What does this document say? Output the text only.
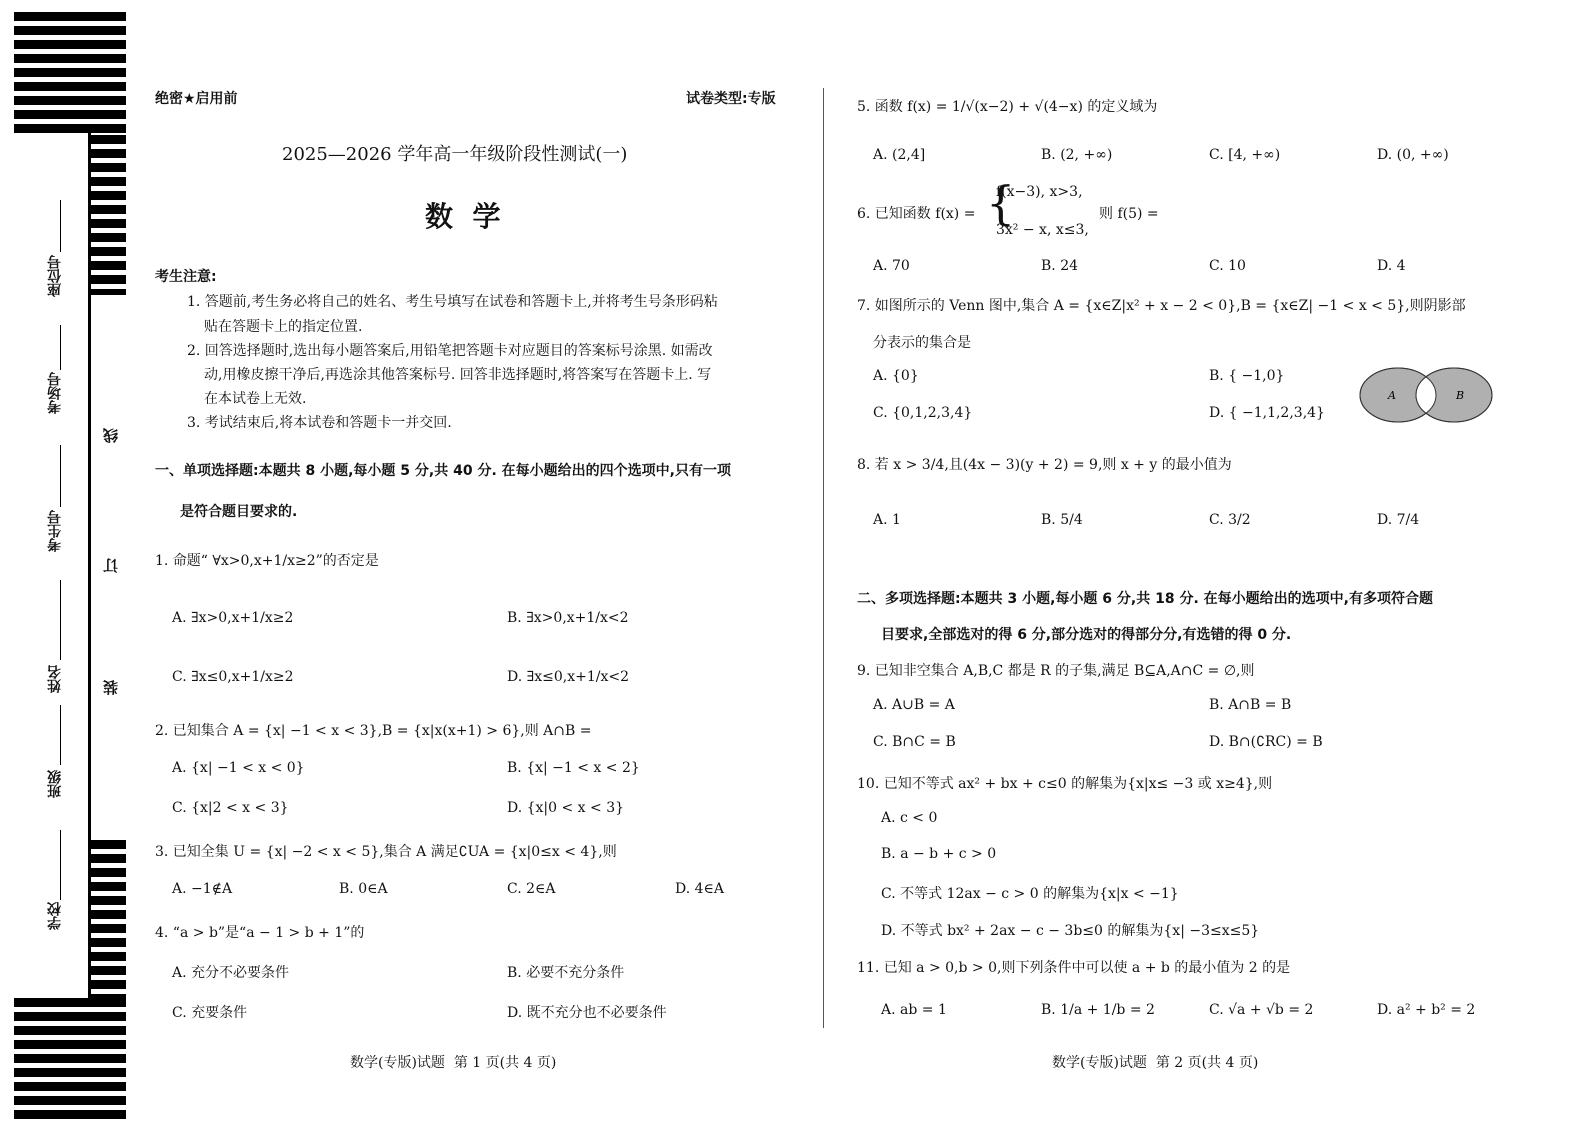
座位号
考场号
考生号
姓名
班级
学校
线
订
装
绝密★启用前	试卷类型:专版
2025—2026 学年高一年级阶段性测试(一)
数  学
考生注意:
1. 答题前,考生务必将自己的姓名、考生号填写在试卷和答题卡上,并将考生号条形码粘
贴在答题卡上的指定位置.
2. 回答选择题时,选出每小题答案后,用铅笔把答题卡对应题目的答案标号涂黑. 如需改
动,用橡皮擦干净后,再选涂其他答案标号. 回答非选择题时,将答案写在答题卡上. 写
在本试卷上无效.
3. 考试结束后,将本试卷和答题卡一并交回.
一、单项选择题:本题共 8 小题,每小题 5 分,共 40 分. 在每小题给出的四个选项中,只有一项
是符合题目要求的.
1. 命题“ ∀x>0,x+1/x≥2”的否定是
A. ∃x>0,x+1/x≥2	B. ∃x>0,x+1/x<2
C. ∃x≤0,x+1/x≥2	D. ∃x≤0,x+1/x<2
2. 已知集合 A = {x| −1 < x < 3},B = {x|x(x+1) > 6},则 A∩B =
A. {x| −1 < x < 0}	B. {x| −1 < x < 2}
C. {x|2 < x < 3}	D. {x|0 < x < 3}
3. 已知全集 U = {x| −2 < x < 5},集合 A 满足∁UA = {x|0≤x < 4},则
A. −1∉A	B. 0∈A	C. 2∈A	D. 4∈A
4. “a > b”是“a − 1 > b + 1”的
A. 充分不必要条件	B. 必要不充分条件
C. 充要条件	D. 既不充分也不必要条件
数学(专版)试题  第 1 页(共 4 页)
5. 函数 f(x) = 1/√(x−2) + √(4−x) 的定义域为
A. (2,4]	B. (2, +∞)	C. [4, +∞)	D. (0, +∞)
6. 已知函数 f(x) = {
f(x−3), x>3,
3x² − x, x≤3,
则 f(5) =
A. 70	B. 24	C. 10	D. 4
7. 如图所示的 Venn 图中,集合 A = {x∈Z|x² + x − 2 < 0},B = {x∈Z| −1 < x < 5},则阴影部
分表示的集合是
A. {0}	B. { −1,0}
C. {0,1,2,3,4}	D. { −1,1,2,3,4}
A	B
8. 若 x > 3/4,且(4x − 3)(y + 2) = 9,则 x + y 的最小值为
A. 1	B. 5/4	C. 3/2	D. 7/4
二、多项选择题:本题共 3 小题,每小题 6 分,共 18 分. 在每小题给出的选项中,有多项符合题
目要求,全部选对的得 6 分,部分选对的得部分分,有选错的得 0 分.
9. 已知非空集合 A,B,C 都是 R 的子集,满足 B⊆A,A∩C = ∅,则
A. A∪B = A	B. A∩B = B
C. B∩C = B	D. B∩(∁RC) = B
10. 已知不等式 ax² + bx + c≤0 的解集为{x|x≤ −3 或 x≥4},则
A. c < 0
B. a − b + c > 0
C. 不等式 12ax − c > 0 的解集为{x|x < −1}
D. 不等式 bx² + 2ax − c − 3b≤0 的解集为{x| −3≤x≤5}
11. 已知 a > 0,b > 0,则下列条件中可以使 a + b 的最小值为 2 的是
A. ab = 1	B. 1/a + 1/b = 2	C. √a + √b = 2	D. a² + b² = 2
数学(专版)试题  第 2 页(共 4 页)
